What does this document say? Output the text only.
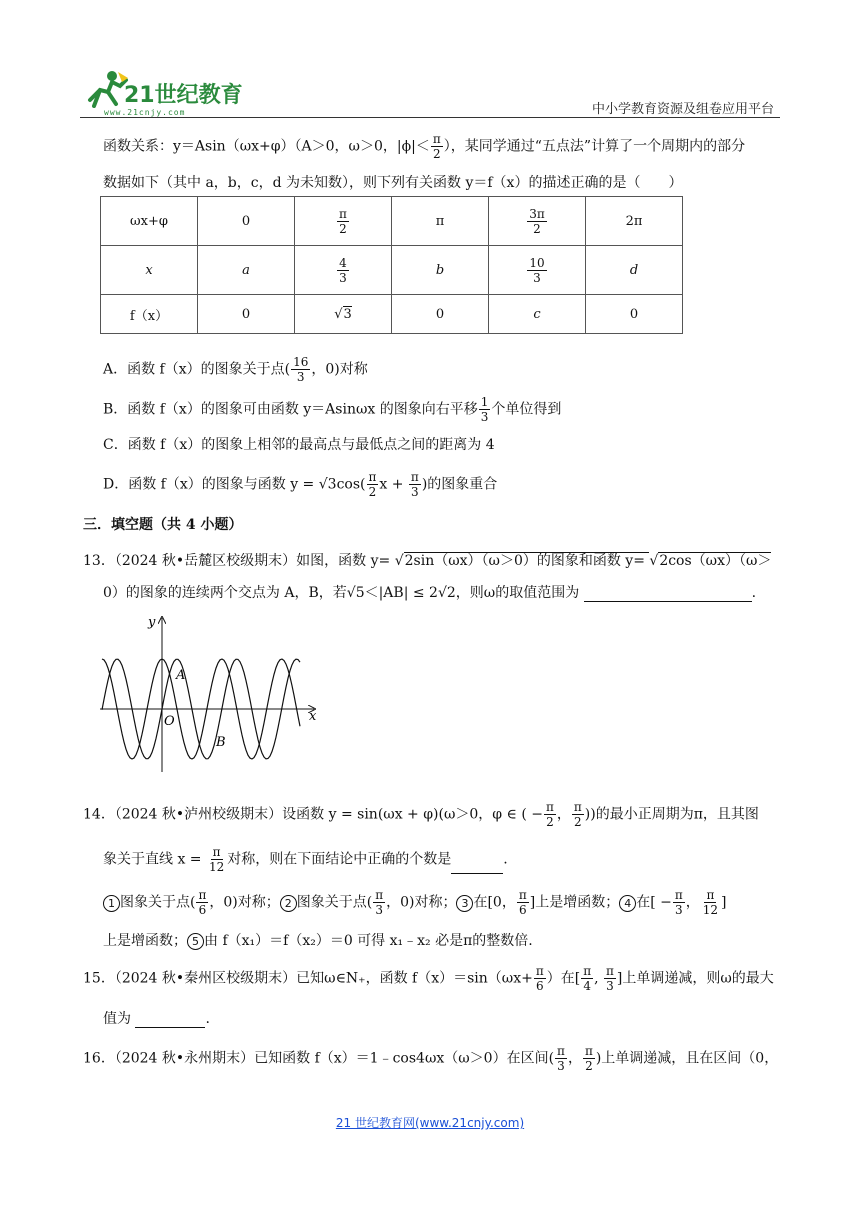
21世纪教育
www.21cnjy.com	中小学教育资源及组卷应用平台
函数关系：y＝Asin（ωx+φ）（A＞0，ω＞0，$|\phi|< \frac{\pi}{2}$ ），某同学通过“五点法”计算了一个周期内的部分
数据如下（其中 a，b，c，d 为未知数），则下列有关函数 y＝f（x）的描述正确的是（　　）
ωx+φ	0	$\frac{\pi}{2}$	π	$\frac{3\pi}{2}$	2π
x	a	$\frac{4}{3}$	b	$\frac{10}{3}$	d
f（x）	0	√3	0	c	0
A．函数 f（x）的图象关于点( $\frac{16}{3}$ ，0)对称
B．函数 f（x）的图象可由函数 y＝Asinωx 的图象向右平移 $\frac{1}{3}$ 个单位得到
C．函数 f（x）的图象上相邻的最高点与最低点之间的距离为 4
D．函数 f（x）的图象与函数 $y = √3\cos( \frac{\pi}{2}$ $x + \frac{\pi}{3}$ )的图象重合
三．填空题（共 4 小题）
13．（2024 秋•岳麓区校级期末）如图，函数 y= √2sin（ωx）（ω＞0）的图象和函数 y= √2cos（ωx）（ω＞
0）的图象的连续两个交点为 A，B，若√5＜|AB| ≤ 2√2，则ω的取值范围为	.
y
x
O
A
B
14．（2024 秋•泸州校级期末）设函数 y = sin(ωx + φ)(ω＞0，φ ∈ ( − $\frac{\pi}{2}$ ， $\frac{\pi}{2}$ ))的最小正周期为π，且其图
象关于直线 $x = \frac{\pi}{12}$ 对称，则在下面结论中正确的个数是	.
1 图象关于点( $\frac{\pi}{6}$ ，0)对称； 2 图象关于点( $\frac{\pi}{3}$ ，0)对称； 3 在[0， $\frac{\pi}{6}$ ]上是增函数； 4 在[ − $\frac{\pi}{3}$ ， $\frac{\pi}{12}$ ]
上是增函数； 5 由 f（x₁）＝f（x₂）＝0 可得 x₁﹣x₂ 必是π的整数倍.
15．（2024 秋•秦州区校级期末）已知ω∈N₊，函数 $f(x)=\sin(\omega x+ \frac{\pi}{6}$ ）在[ $\frac{\pi}{4}$ , $\frac{\pi}{3}$ ]上单调递减，则ω的最大
值为	.
16．（2024 秋•永州期末）已知函数 f（x）＝1﹣cos4ωx（ω＞0）在区间( $\frac{\pi}{3}$ ， $\frac{\pi}{2}$ )上单调递减，且在区间（0，
21 世纪教育网(www.21cnjy.com)
